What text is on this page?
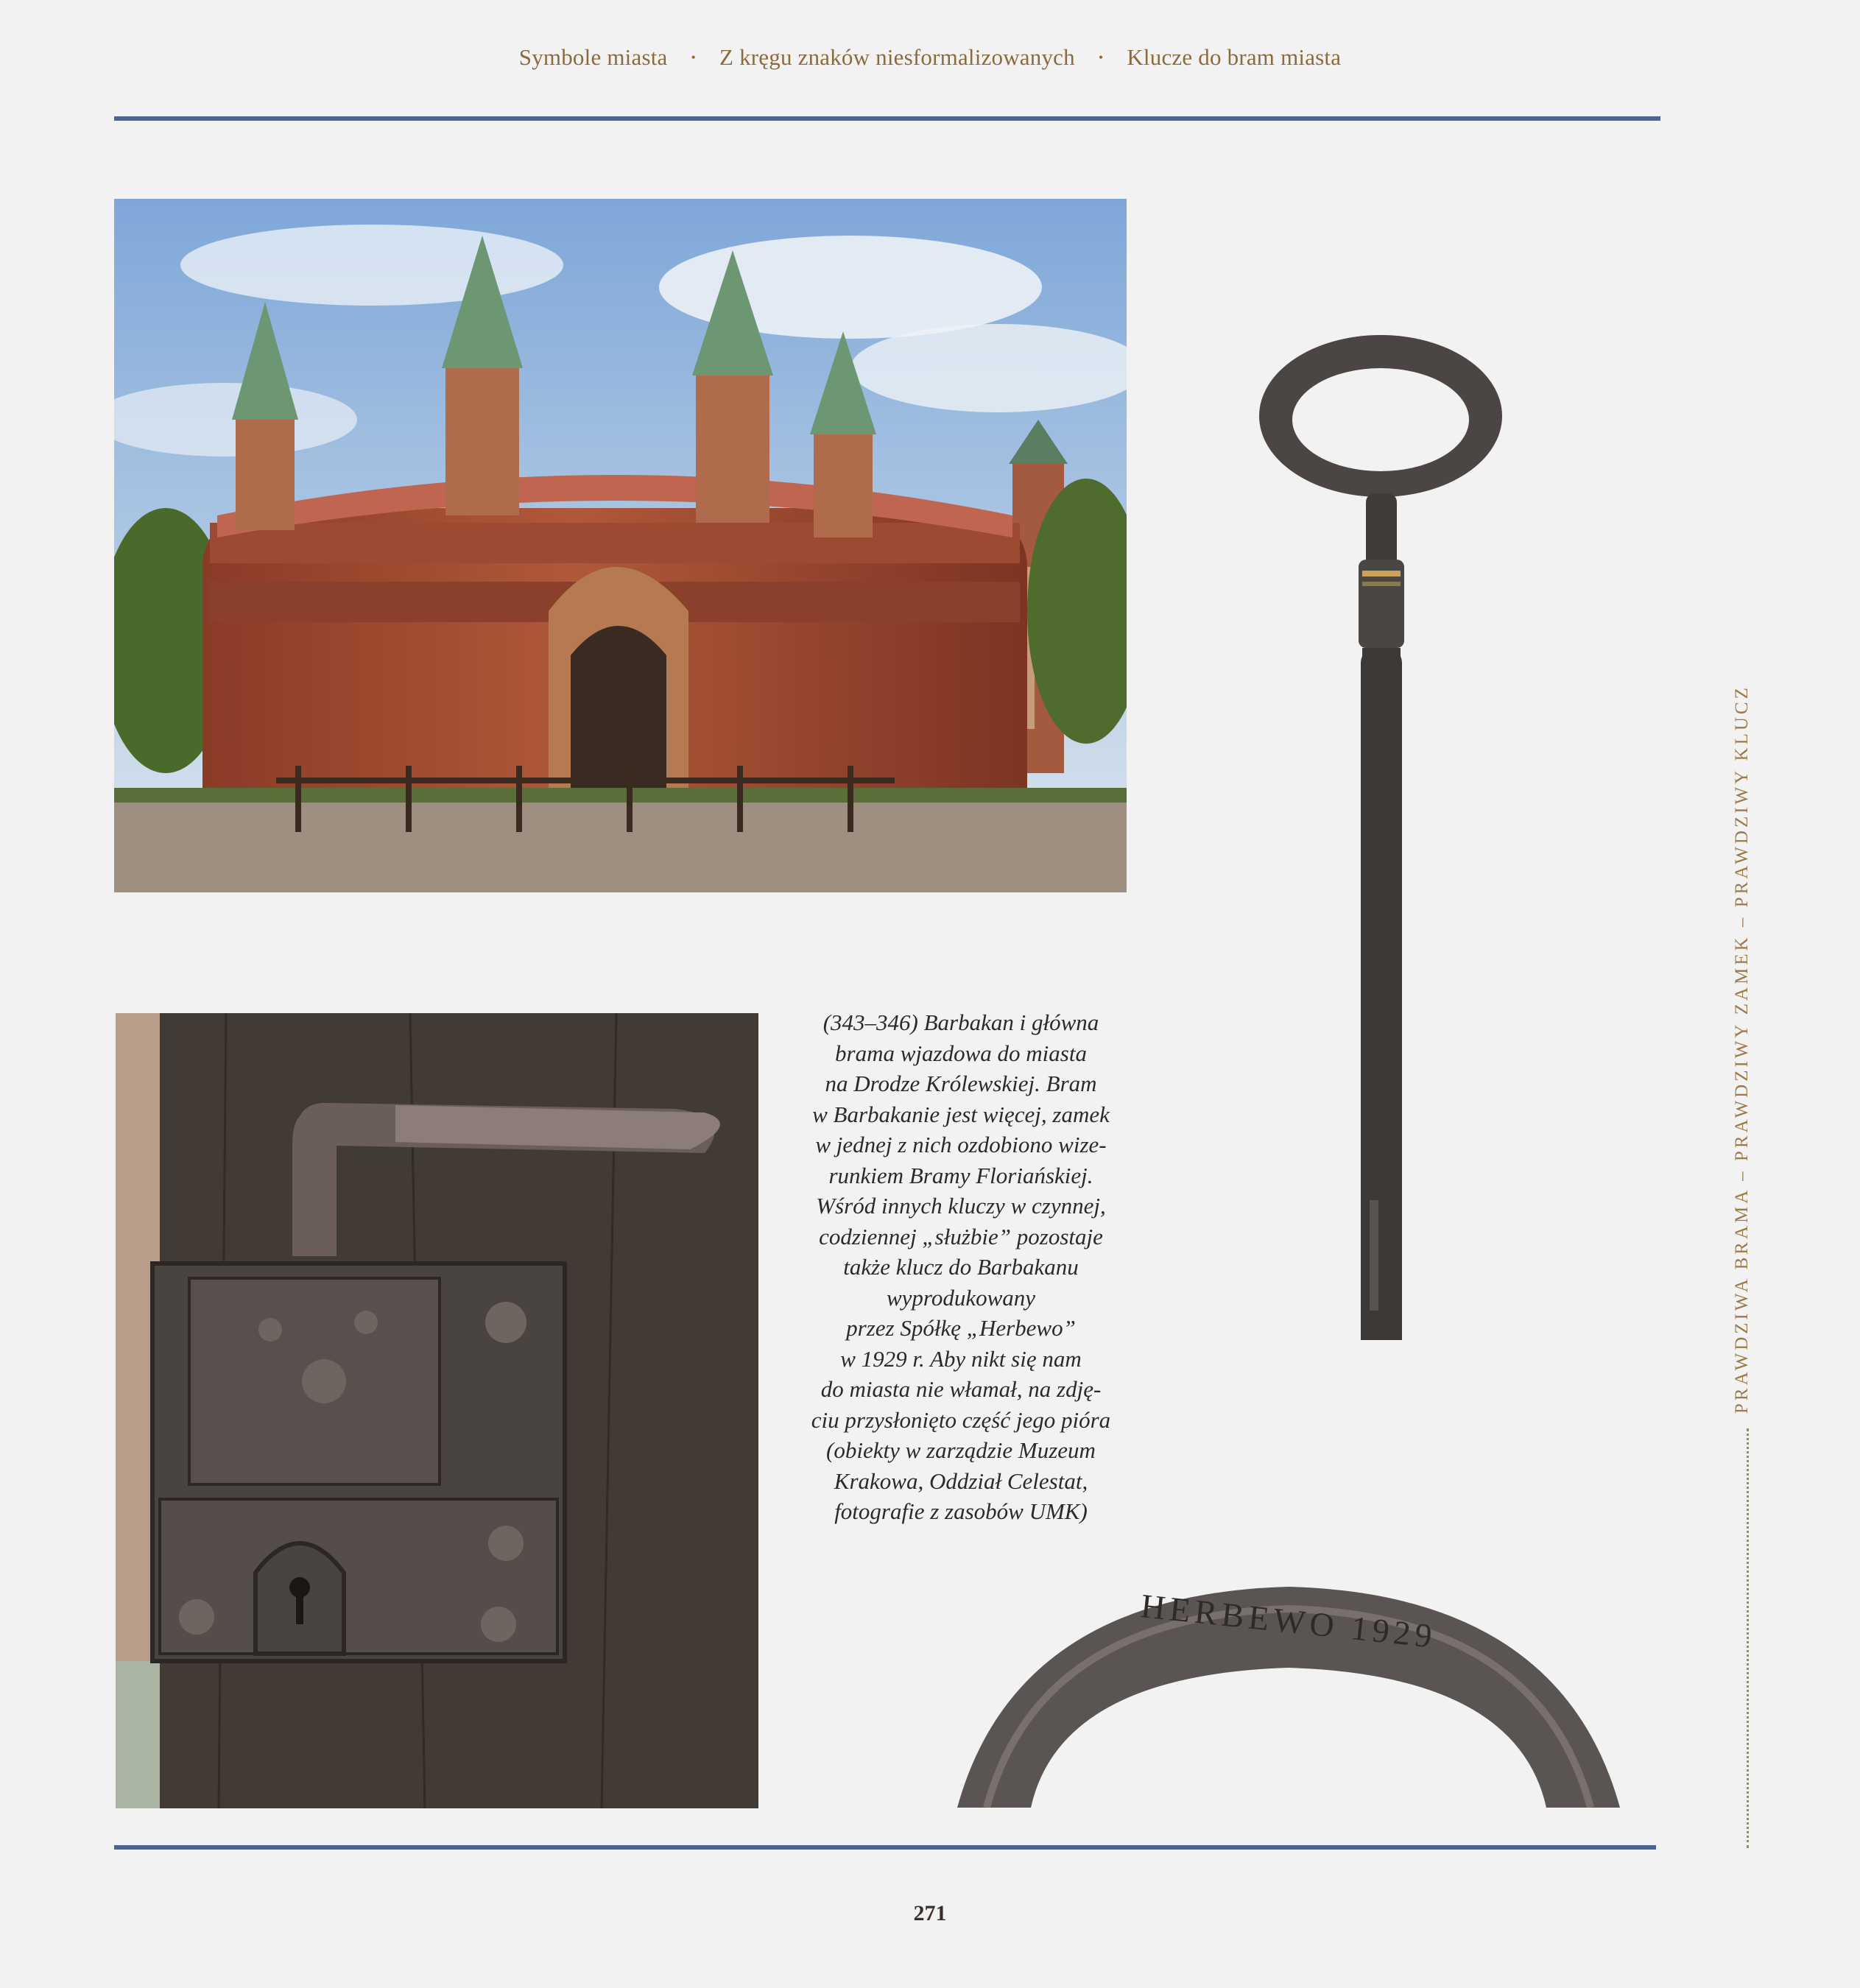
Symbole miasta • Z kręgu znaków niesformalizowanych • Klucze do bram miasta
(343–346) Barbakan i główna
brama wjazdowa do miasta
na Drodze Królewskiej. Bram
w Barbakanie jest więcej, zamek
w jednej z nich ozdobiono wize-
runkiem Bramy Floriańskiej.
Wśród innych kluczy w czynnej,
codziennej „służbie” pozostaje
także klucz do Barbakanu
wyprodukowany
przez Spółkę „Herbewo”
w 1929 r. Aby nikt się nam
do miasta nie włamał, na zdję-
ciu przysłonięto część jego pióra
(obiekty w zarządzie Muzeum
Krakowa, Oddział Celestat,
fotografie z zasobów UMK)
HERBEWO 1929
PRAWDZIWA BRAMA – PRAWDZIWY ZAMEK – PRAWDZIWY KLUCZ
271
